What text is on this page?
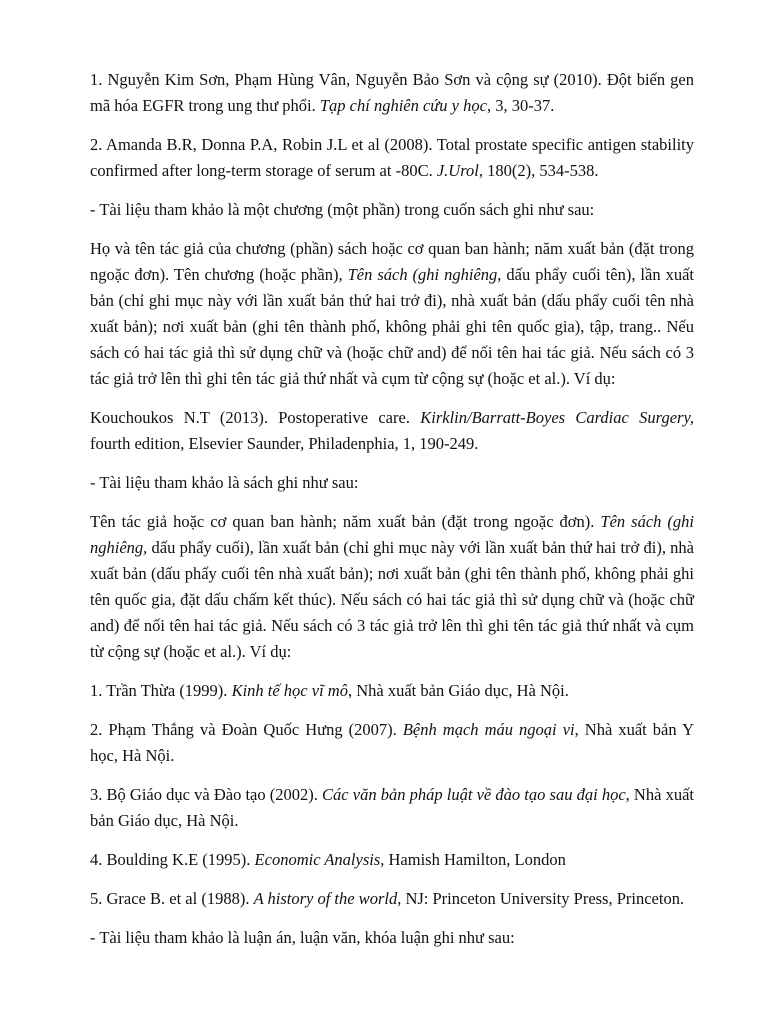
1. Nguyễn Kim Sơn, Phạm Hùng Vân, Nguyễn Bảo Sơn và cộng sự (2010). Đột biến gen mã hóa EGFR trong ung thư phổi. Tạp chí nghiên cứu y học, 3, 30-37.

2. Amanda B.R, Donna P.A, Robin J.L et al (2008). Total prostate specific antigen stability confirmed after long-term storage of serum at -80C. J.Urol, 180(2), 534-538.

- Tài liệu tham khảo là một chương (một phần) trong cuốn sách ghi như sau:

Họ và tên tác giả của chương (phần) sách hoặc cơ quan ban hành; năm xuất bản (đặt trong ngoặc đơn). Tên chương (hoặc phần), Tên sách (ghi nghiêng, dấu phẩy cuối tên), lần xuất bản (chỉ ghi mục này với lần xuất bản thứ hai trở đi), nhà xuất bản (dấu phẩy cuối tên nhà xuất bản); nơi xuất bản (ghi tên thành phố, không phải ghi tên quốc gia), tập, trang.. Nếu sách có hai tác giả thì sử dụng chữ và (hoặc chữ and) để nối tên hai tác giả. Nếu sách có 3 tác giả trở lên thì ghi tên tác giả thứ nhất và cụm từ cộng sự (hoặc et al.). Ví dụ:

Kouchoukos N.T (2013). Postoperative care. Kirklin/Barratt-Boyes Cardiac Surgery, fourth edition, Elsevier Saunder, Philadenphia, 1, 190-249.

- Tài liệu tham khảo là sách ghi như sau:

Tên tác giả hoặc cơ quan ban hành; năm xuất bản (đặt trong ngoặc đơn). Tên sách (ghi nghiêng, dấu phẩy cuối), lần xuất bản (chỉ ghi mục này với lần xuất bản thứ hai trở đi), nhà xuất bản (dấu phẩy cuối tên nhà xuất bản); nơi xuất bản (ghi tên thành phố, không phải ghi tên quốc gia, đặt dấu chấm kết thúc). Nếu sách có hai tác giả thì sử dụng chữ và (hoặc chữ and) để nối tên hai tác giả. Nếu sách có 3 tác giả trở lên thì ghi tên tác giả thứ nhất và cụm từ cộng sự (hoặc et al.). Ví dụ:

1. Trần Thừa (1999). Kinh tế học vĩ mô, Nhà xuất bản Giáo dục, Hà Nội.

2. Phạm Thắng và Đoàn Quốc Hưng (2007). Bệnh mạch máu ngoại vi, Nhà xuất bản Y học, Hà Nội.

3. Bộ Giáo dục và Đào tạo (2002). Các văn bản pháp luật về đào tạo sau đại học, Nhà xuất bản Giáo dục, Hà Nội.

4. Boulding K.E (1995). Economic Analysis, Hamish Hamilton, London

5. Grace B. et al (1988). A history of the world, NJ: Princeton University Press, Princeton.

- Tài liệu tham khảo là luận án, luận văn, khóa luận ghi như sau:
